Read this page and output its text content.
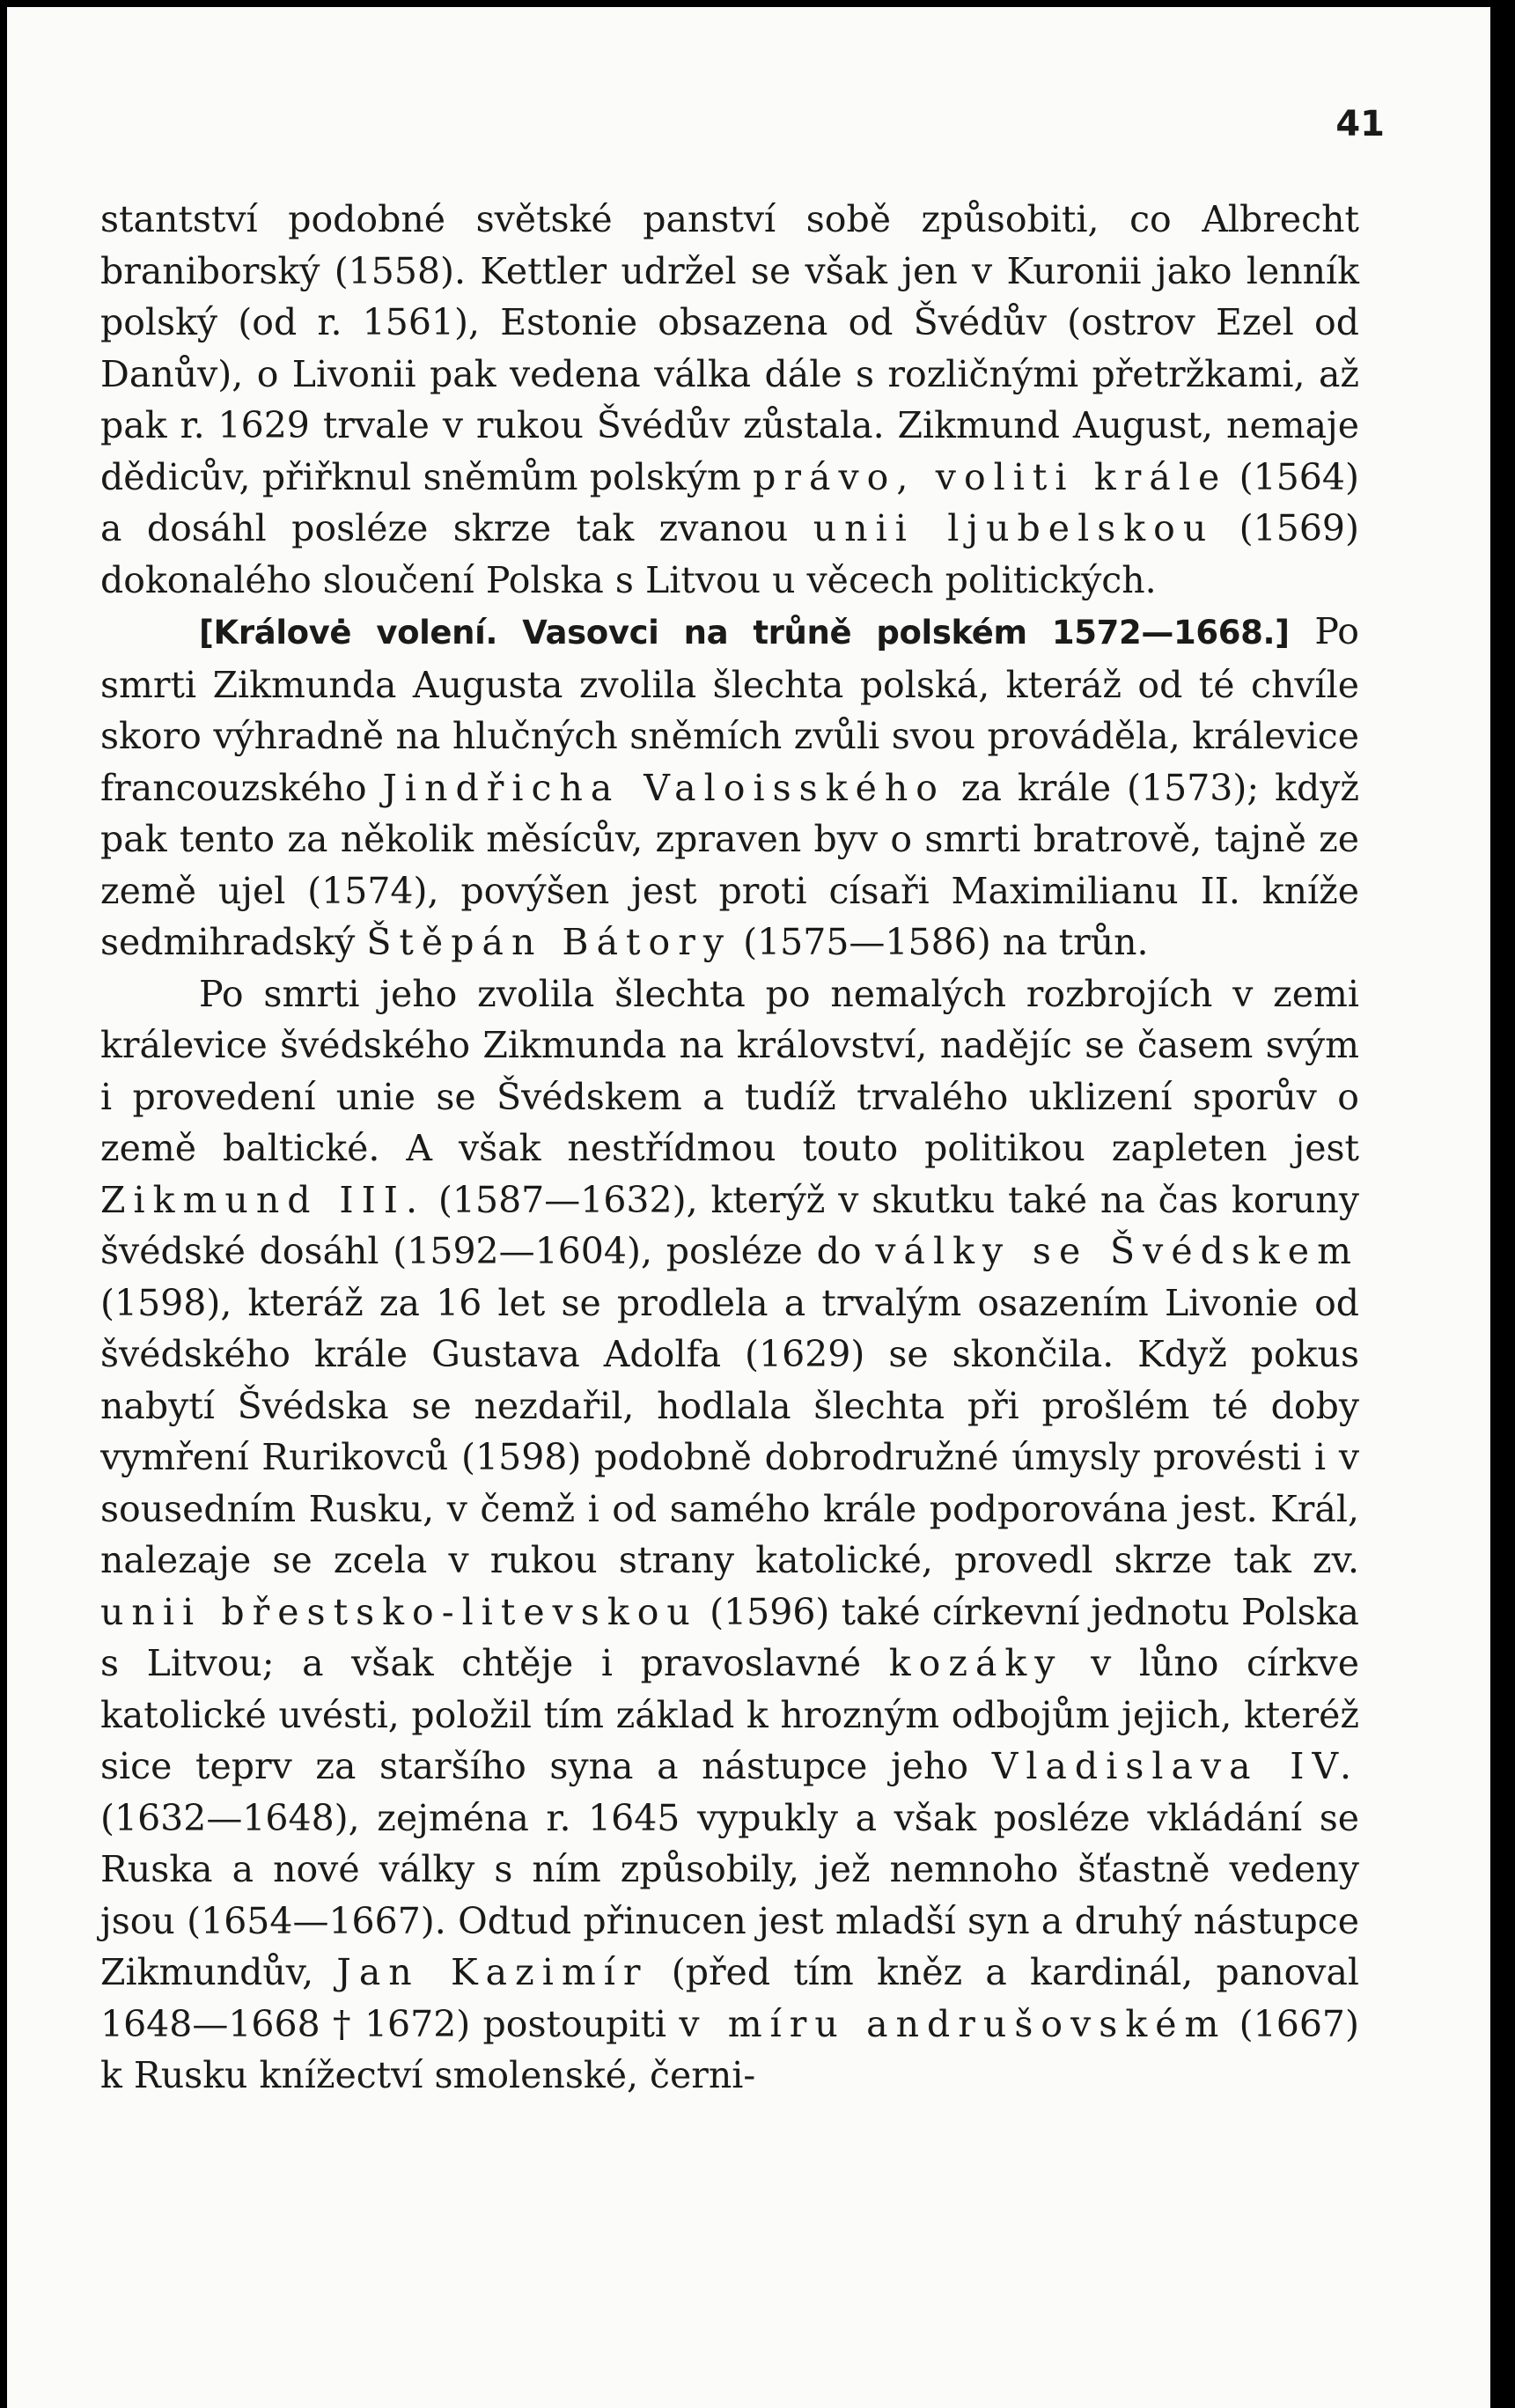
41

stantství podobné světské panství sobě způsobiti, co Albrecht braniborský (1558). Kettler udržel se však jen v Kuronii jako lenník polský (od r. 1561), Estonie obsazena od Švédův (ostrov Ezel od Danův), o Livonii pak vedena válka dále s rozličnými přetržkami, až pak r. 1629 trvale v rukou Švédův zůstala. Zikmund August, nemaje dědicův, přiřknul sněmům polským právo, voliti krále (1564) a dosáhl posléze skrze tak zvanou unii ljubelskou (1569) dokonalého sloučení Polska s Litvou u věcech politických.

[Královė volení. Vasovci na trůně polském 1572—1668.] Po smrti Zikmunda Augusta zvolila šlechta polská, kteráž od té chvíle skoro výhradně na hlučných sněmích zvůli svou prováděla, králevice francouzského Jindřicha Valoisského za krále (1573); když pak tento za několik měsícův, zpraven byv o smrti bratrově, tajně ze země ujel (1574), povýšen jest proti císaři Maximilianu II. kníže sedmihradský Štěpán Bátory (1575—1586) na trůn.

Po smrti jeho zvolila šlechta po nemalých rozbrojích v zemi králevice švédského Zikmunda na království, nadějíc se časem svým i provedení unie se Švédskem a tudíž trvalého uklizení sporův o země baltické. A však nestřídmou touto politikou zapleten jest Zikmund III. (1587—1632), kterýž v skutku také na čas koruny švédské dosáhl (1592—1604), posléze do války se Švédskem (1598), kteráž za 16 let se prodlela a trvalým osazením Livonie od švédského krále Gustava Adolfa (1629) se skončila. Když pokus nabytí Švédska se nezdařil, hodlala šlechta při prošlém té doby vymření Rurikovců (1598) podobně dobrodružné úmysly provésti i v sousedním Rusku, v čemž i od samého krále podporována jest. Král, nalezaje se zcela v rukou strany katolické, provedl skrze tak zv. unii břestsko-litevskou (1596) také církevní jednotu Polska s Litvou; a však chtěje i pravoslavné kozáky v lůno církve katolické uvésti, položil tím základ k hrozným odbojům jejich, kteréž sice teprv za staršího syna a nástupce jeho Vladislava IV. (1632—1648), zejména r. 1645 vypukly a však posléze vkládání se Ruska a nové války s ním způsobily, jež nemnoho šťastně vedeny jsou (1654—1667). Odtud přinucen jest mladší syn a druhý nástupce Zikmundův, Jan Kazimír (před tím kněz a kardinál, panoval 1648—1668 † 1672) postoupiti v míru andrušovském (1667) k Rusku knížectví smolenské, černi-
